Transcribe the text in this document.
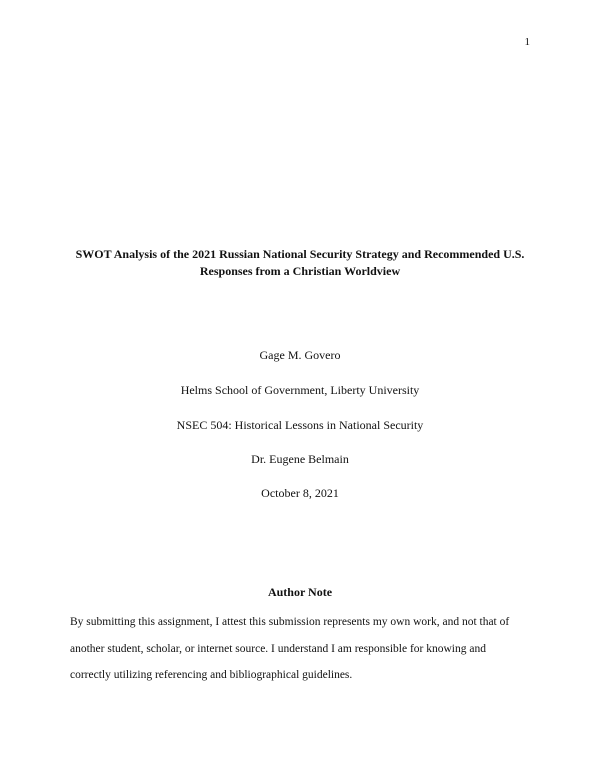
1
SWOT Analysis of the 2021 Russian National Security Strategy and Recommended U.S.
Responses from a Christian Worldview
Gage M. Govero
Helms School of Government, Liberty University
NSEC 504: Historical Lessons in National Security
Dr. Eugene Belmain
October 8, 2021
Author Note
By submitting this assignment, I attest this submission represents my own work, and not that of
another student, scholar, or internet source. I understand I am responsible for knowing and
correctly utilizing referencing and bibliographical guidelines.
